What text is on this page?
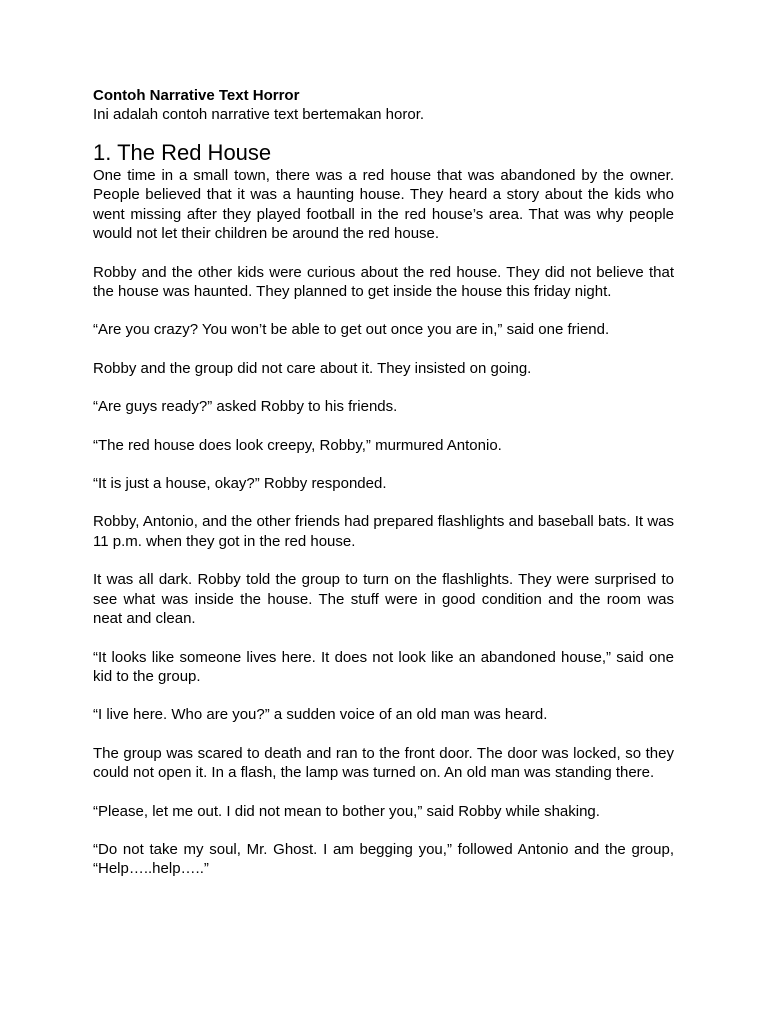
Contoh Narrative Text Horror

Ini adalah contoh narrative text bertemakan horor.

1. The Red House

One time in a small town, there was a red house that was abandoned by the owner. People believed that it was a haunting house. They heard a story about the kids who went missing after they played football in the red house’s area. That was why people would not let their children be around the red house.

Robby and the other kids were curious about the red house. They did not believe that the house was haunted. They planned to get inside the house this friday night.

“Are you crazy? You won’t be able to get out once you are in,” said one friend.

Robby and the group did not care about it. They insisted on going.

“Are guys ready?” asked Robby to his friends.

“The red house does look creepy, Robby,” murmured Antonio.

“It is just a house, okay?” Robby responded.

Robby, Antonio, and the other friends had prepared flashlights and baseball bats. It was 11 p.m. when they got in the red house.

It was all dark. Robby told the group to turn on the flashlights. They were surprised to see what was inside the house. The stuff were in good condition and the room was neat and clean.

“It looks like someone lives here. It does not look like an abandoned house,” said one kid to the group.

“I live here. Who are you?” a sudden voice of an old man was heard.

The group was scared to death and ran to the front door. The door was locked, so they could not open it. In a flash, the lamp was turned on. An old man was standing there.

“Please, let me out. I did not mean to bother you,” said Robby while shaking.

“Do not take my soul, Mr. Ghost. I am begging you,” followed Antonio and the group, “Help…..help…..”
